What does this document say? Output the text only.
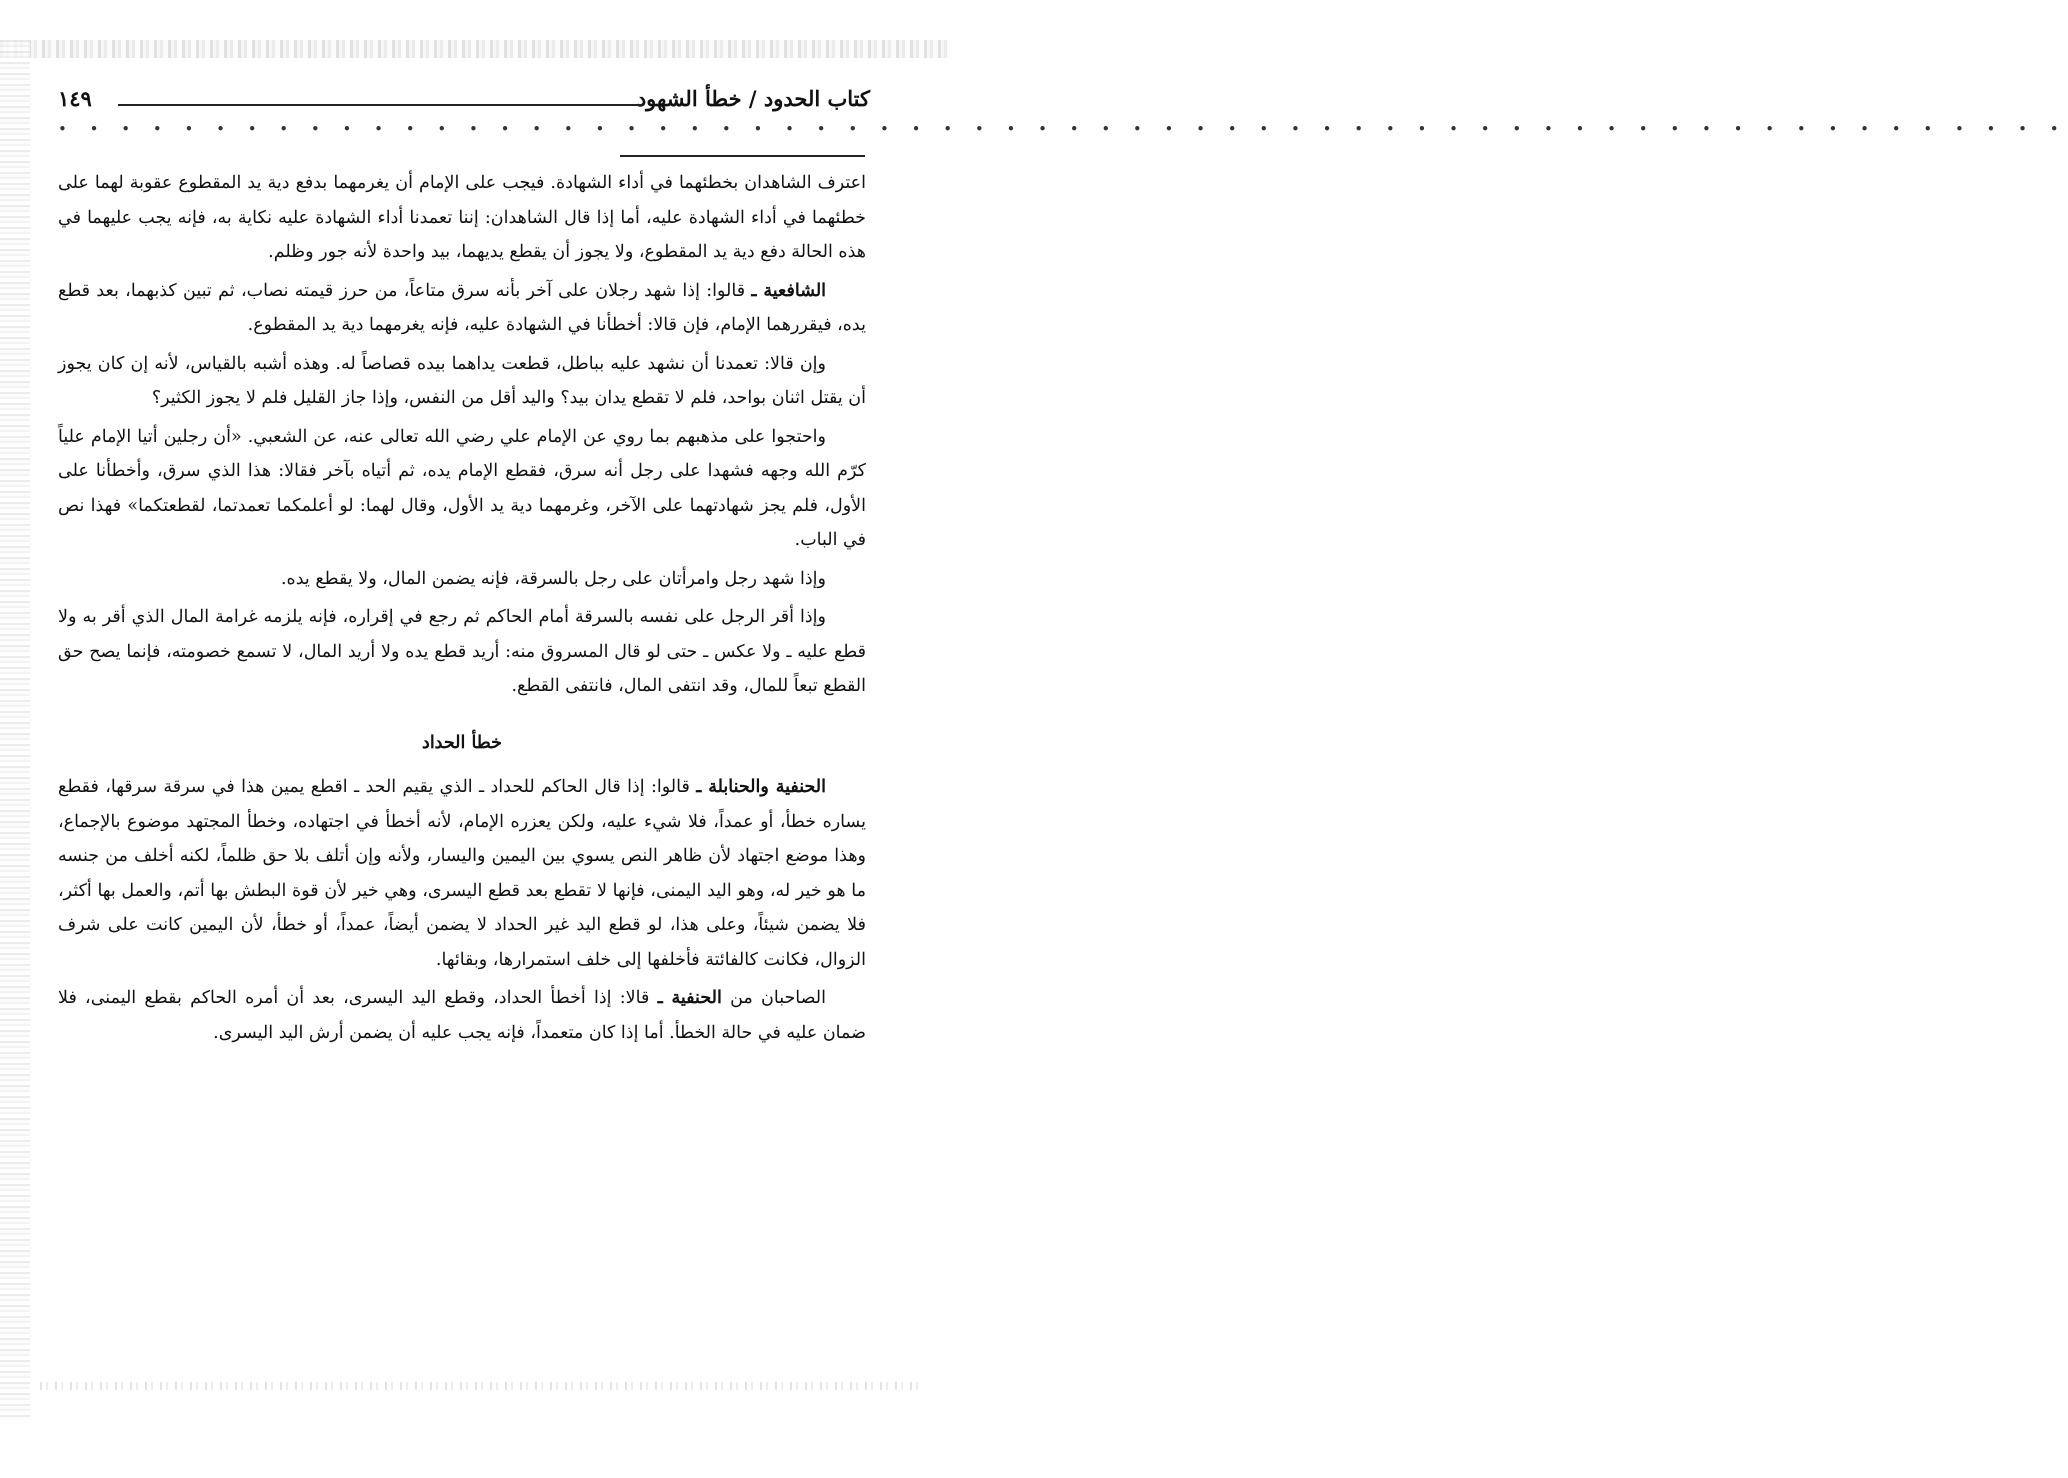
كتاب الحدود / خطأ الشهود
١٤٩
• • • • • • • • • • • • • • • • • • • • • • • • • • • • • • • • • • • • • • • • • • • • • • • • • • • • • • • • • • • • • • • •

اعترف الشاهدان بخطئهما في أداء الشهادة. فيجب على الإمام أن يغرمهما بدفع دية يد المقطوع عقوبة لهما على خطئهما في أداء الشهادة عليه، أما إذا قال الشاهدان: إننا تعمدنا أداء الشهادة عليه نكاية به، فإنه يجب عليهما في هذه الحالة دفع دية يد المقطوع، ولا يجوز أن يقطع يديهما، بيد واحدة لأنه جور وظلم.

الشافعية ـ قالوا: إذا شهد رجلان على آخر بأنه سرق متاعاً، من حرز قيمته نصاب، ثم تبين كذبهما، بعد قطع يده، فيقررهما الإمام، فإن قالا: أخطأنا في الشهادة عليه، فإنه يغرمهما دية يد المقطوع.

وإن قالا: تعمدنا أن نشهد عليه بباطل، قطعت يداهما بيده قصاصاً له. وهذه أشبه بالقياس، لأنه إن كان يجوز أن يقتل اثنان بواحد، فلم لا تقطع يدان بيد؟ واليد أقل من النفس، وإذا جاز القليل فلم لا يجوز الكثير؟

واحتجوا على مذهبهم بما روي عن الإمام علي رضي الله تعالى عنه، عن الشعبي. «أن رجلين أتيا الإمام علياً كرّم الله وجهه فشهدا على رجل أنه سرق، فقطع الإمام يده، ثم أتياه بآخر فقالا: هذا الذي سرق، وأخطأنا على الأول، فلم يجز شهادتهما على الآخر، وغرمهما دية يد الأول، وقال لهما: لو أعلمكما تعمدتما، لقطعتكما» فهذا نص في الباب.

وإذا شهد رجل وامرأتان على رجل بالسرقة، فإنه يضمن المال، ولا يقطع يده.

وإذا أقر الرجل على نفسه بالسرقة أمام الحاكم ثم رجع في إقراره، فإنه يلزمه غرامة المال الذي أقر به ولا قطع عليه ـ ولا عكس ـ حتى لو قال المسروق منه: أريد قطع يده ولا أريد المال، لا تسمع خصومته، فإنما يصح حق القطع تبعاً للمال، وقد انتفى المال، فانتفى القطع.

خطأ الحداد

الحنفية والحنابلة ـ قالوا: إذا قال الحاكم للحداد ـ الذي يقيم الحد ـ اقطع يمين هذا في سرقة سرقها، فقطع يساره خطأ، أو عمداً، فلا شيء عليه، ولكن يعزره الإمام، لأنه أخطأ في اجتهاده، وخطأ المجتهد موضوع بالإجماع، وهذا موضع اجتهاد لأن ظاهر النص يسوي بين اليمين واليسار، ولأنه وإن أتلف بلا حق ظلماً، لكنه أخلف من جنسه ما هو خير له، وهو اليد اليمنى، فإنها لا تقطع بعد قطع اليسرى، وهي خير لأن قوة البطش بها أتم، والعمل بها أكثر، فلا يضمن شيئاً، وعلى هذا، لو قطع اليد غير الحداد لا يضمن أيضاً، عمداً، أو خطأ، لأن اليمين كانت على شرف الزوال، فكانت كالفائتة فأخلفها إلى خلف استمرارها، وبقائها.

الصاحبان من الحنفية ـ قالا: إذا أخطأ الحداد، وقطع اليد اليسرى، بعد أن أمره الحاكم بقطع اليمنى، فلا ضمان عليه في حالة الخطأ. أما إذا كان متعمداً، فإنه يجب عليه أن يضمن أرش اليد اليسرى.
